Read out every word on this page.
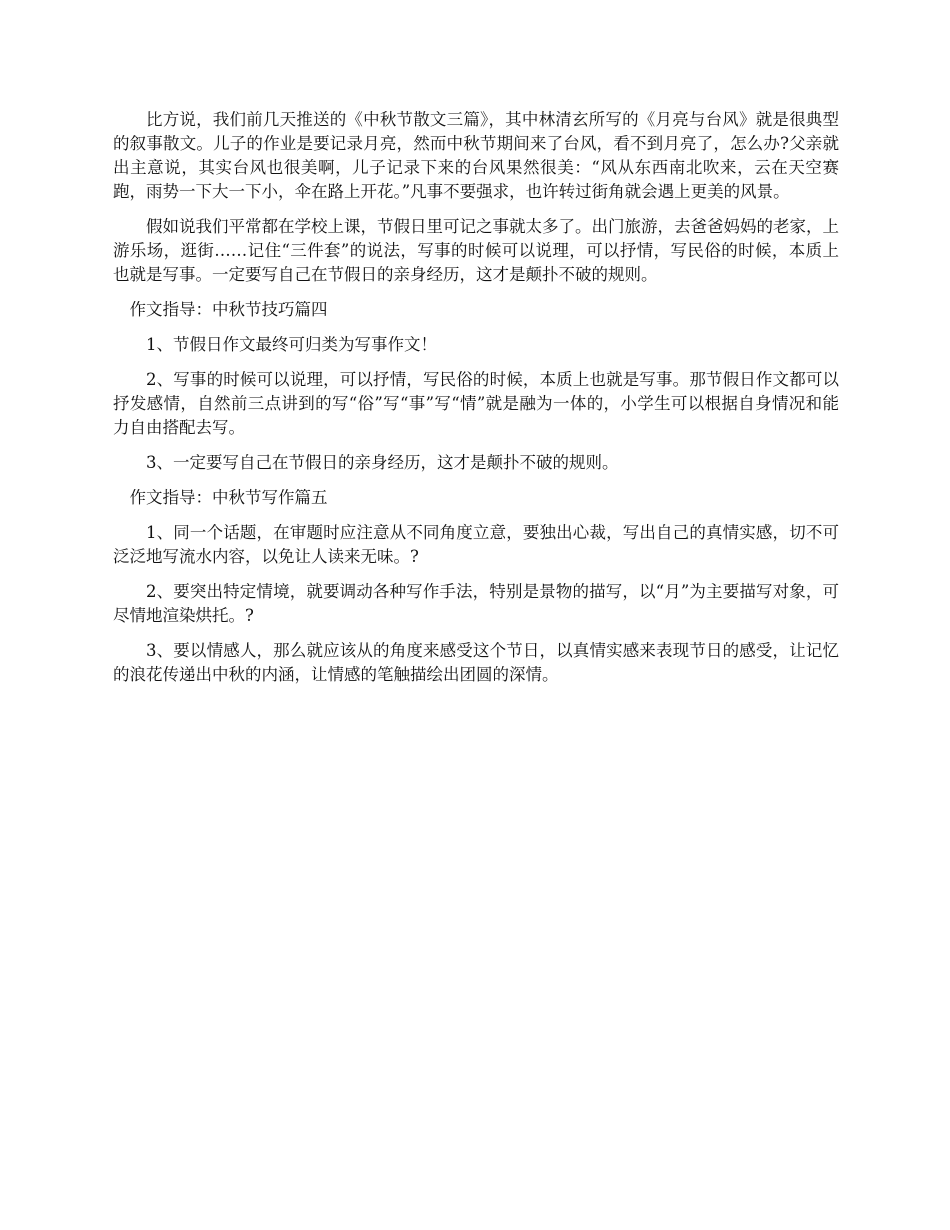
比方说，我们前几天推送的《中秋节散文三篇》，其中林清玄所写的《月亮与台风》就是很典型的叙事散文。儿子的作业是要记录月亮，然而中秋节期间来了台风，看不到月亮了，怎么办?父亲就出主意说，其实台风也很美啊，儿子记录下来的台风果然很美：“风从东西南北吹来，云在天空赛跑，雨势一下大一下小，伞在路上开花。”凡事不要强求，也许转过街角就会遇上更美的风景。

假如说我们平常都在学校上课，节假日里可记之事就太多了。出门旅游，去爸爸妈妈的老家，上游乐场，逛街……记住“三件套”的说法，写事的时候可以说理，可以抒情，写民俗的时候，本质上也就是写事。一定要写自己在节假日的亲身经历，这才是颠扑不破的规则。

作文指导：中秋节技巧篇四

1、节假日作文最终可归类为写事作文！

2、写事的时候可以说理，可以抒情，写民俗的时候，本质上也就是写事。那节假日作文都可以抒发感情，自然前三点讲到的写“俗”写“事”写“情”就是融为一体的，小学生可以根据自身情况和能力自由搭配去写。

3、一定要写自己在节假日的亲身经历，这才是颠扑不破的规则。

作文指导：中秋节写作篇五

1、同一个话题，在审题时应注意从不同角度立意，要独出心裁，写出自己的真情实感，切不可泛泛地写流水内容，以免让人读来无味。?

2、要突出特定情境，就要调动各种写作手法，特别是景物的描写，以“月”为主要描写对象，可尽情地渲染烘托。?

3、要以情感人，那么就应该从的角度来感受这个节日，以真情实感来表现节日的感受，让记忆的浪花传递出中秋的内涵，让情感的笔触描绘出团圆的深情。
